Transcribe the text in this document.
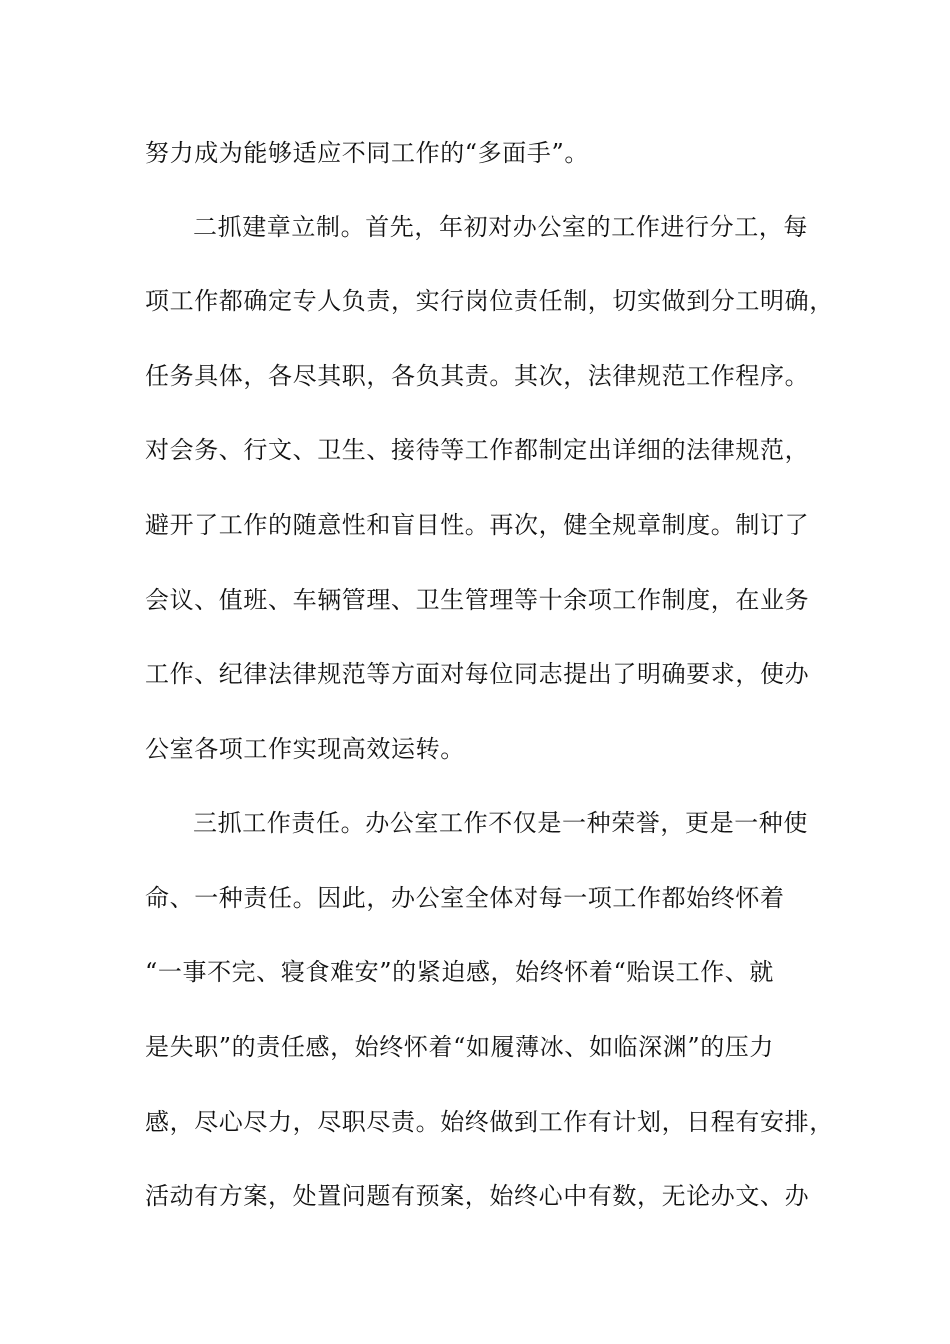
努力成为能够适应不同工作的“多面手”。
二抓建章立制。首先，年初对办公室的工作进行分工，每
项工作都确定专人负责，实行岗位责任制，切实做到分工明确，
任务具体，各尽其职，各负其责。其次，法律规范工作程序。
对会务、行文、卫生、接待等工作都制定出详细的法律规范，
避开了工作的随意性和盲目性。再次，健全规章制度。制订了
会议、值班、车辆管理、卫生管理等十余项工作制度，在业务
工作、纪律法律规范等方面对每位同志提出了明确要求，使办
公室各项工作实现高效运转。
三抓工作责任。办公室工作不仅是一种荣誉，更是一种使
命、一种责任。因此，办公室全体对每一项工作都始终怀着
“一事不完、寝食难安”的紧迫感，始终怀着“贻误工作、就
是失职”的责任感，始终怀着“如履薄冰、如临深渊”的压力
感，尽心尽力，尽职尽责。始终做到工作有计划，日程有安排，
活动有方案，处置问题有预案，始终心中有数，无论办文、办
